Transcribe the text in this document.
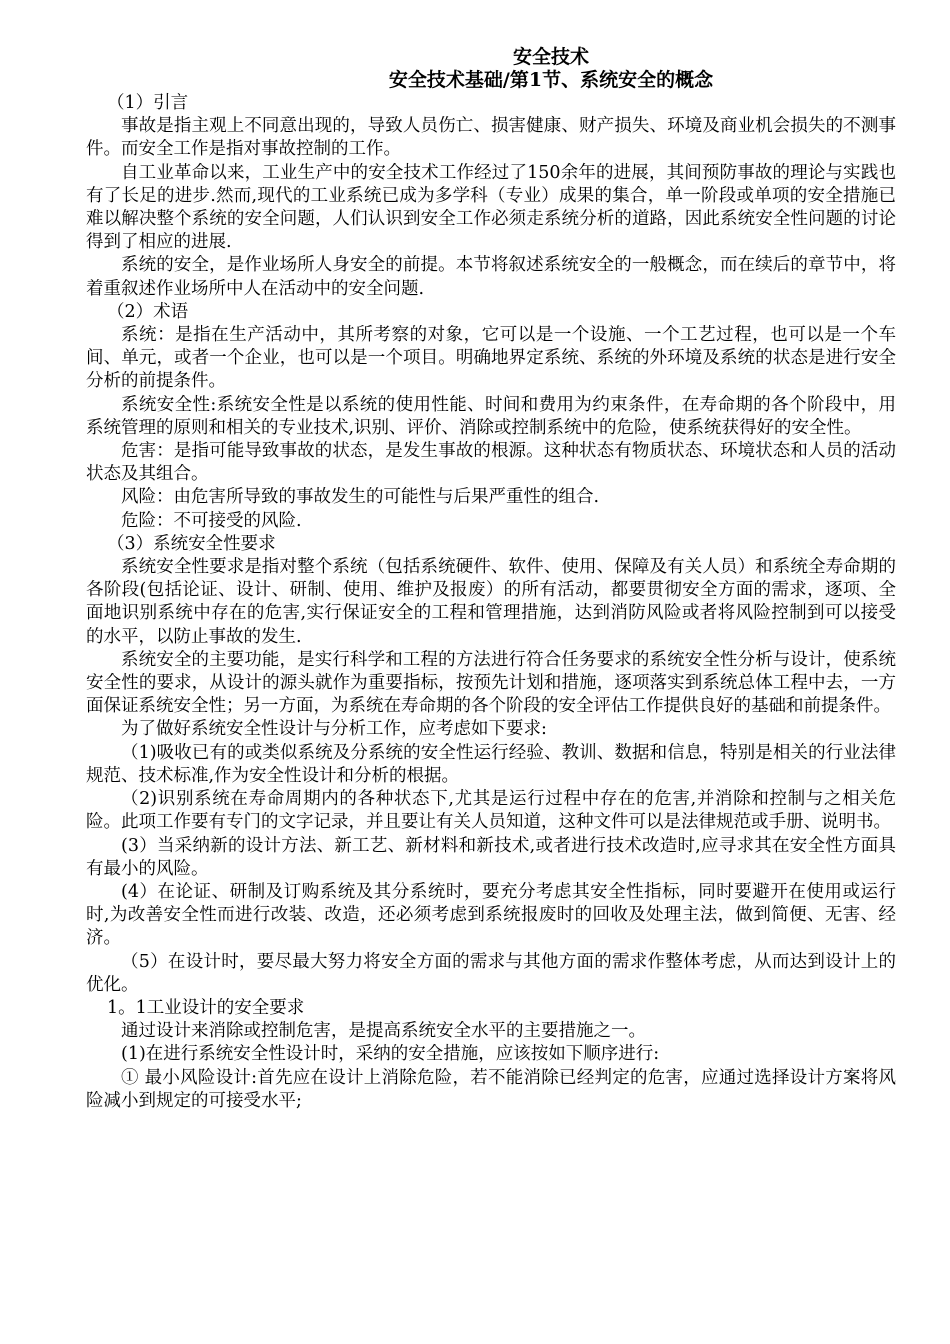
安全技术
安全技术基础/第1节、系统安全的概念

（1）引言

事故是指主观上不同意出现的，导致人员伤亡、损害健康、财产损失、环境及商业机会损失的不测事件。而安全工作是指对事故控制的工作。

自工业革命以来，工业生产中的安全技术工作经过了150余年的进展，其间预防事故的理论与实践也有了长足的进步.然而,现代的工业系统已成为多学科（专业）成果的集合，单一阶段或单项的安全措施已难以解决整个系统的安全问题，人们认识到安全工作必须走系统分析的道路，因此系统安全性问题的讨论得到了相应的进展.

系统的安全，是作业场所人身安全的前提。本节将叙述系统安全的一般概念，而在续后的章节中，将着重叙述作业场所中人在活动中的安全问题.

（2）术语

系统：是指在生产活动中，其所考察的对象，它可以是一个设施、一个工艺过程，也可以是一个车间、单元，或者一个企业，也可以是一个项目。明确地界定系统、系统的外环境及系统的状态是进行安全分析的前提条件。

系统安全性:系统安全性是以系统的使用性能、时间和费用为约束条件，在寿命期的各个阶段中，用系统管理的原则和相关的专业技术,识别、评价、消除或控制系统中的危险，使系统获得好的安全性。

危害：是指可能导致事故的状态，是发生事故的根源。这种状态有物质状态、环境状态和人员的活动状态及其组合。

风险：由危害所导致的事故发生的可能性与后果严重性的组合.

危险：不可接受的风险.

（3）系统安全性要求

系统安全性要求是指对整个系统（包括系统硬件、软件、使用、保障及有关人员）和系统全寿命期的各阶段(包括论证、设计、研制、使用、维护及报废）的所有活动，都要贯彻安全方面的需求，逐项、全面地识别系统中存在的危害,实行保证安全的工程和管理措施，达到消防风险或者将风险控制到可以接受的水平，以防止事故的发生.

系统安全的主要功能，是实行科学和工程的方法进行符合任务要求的系统安全性分析与设计，使系统安全性的要求，从设计的源头就作为重要指标，按预先计划和措施，逐项落实到系统总体工程中去，一方面保证系统安全性；另一方面，为系统在寿命期的各个阶段的安全评估工作提供良好的基础和前提条件。

为了做好系统安全性设计与分析工作，应考虑如下要求:

（1)吸收已有的或类似系统及分系统的安全性运行经验、教训、数据和信息，特别是相关的行业法律规范、技术标准,作为安全性设计和分析的根据。

（2)识别系统在寿命周期内的各种状态下,尤其是运行过程中存在的危害,并消除和控制与之相关危险。此项工作要有专门的文字记录，并且要让有关人员知道，这种文件可以是法律规范或手册、说明书。

(3）当采纳新的设计方法、新工艺、新材料和新技术,或者进行技术改造时,应寻求其在安全性方面具有最小的风险。

(4）在论证、研制及订购系统及其分系统时，要充分考虑其安全性指标，同时要避开在使用或运行时,为改善安全性而进行改装、改造，还必须考虑到系统报废时的回收及处理主法，做到简便、无害、经济。

（5）在设计时，要尽最大努力将安全方面的需求与其他方面的需求作整体考虑，从而达到设计上的优化。

1。1工业设计的安全要求

通过设计来消除或控制危害，是提高系统安全水平的主要措施之一。

(1)在进行系统安全性设计时，采纳的安全措施，应该按如下顺序进行:

① 最小风险设计:首先应在设计上消除危险，若不能消除已经判定的危害，应通过选择设计方案将风险减小到规定的可接受水平;
